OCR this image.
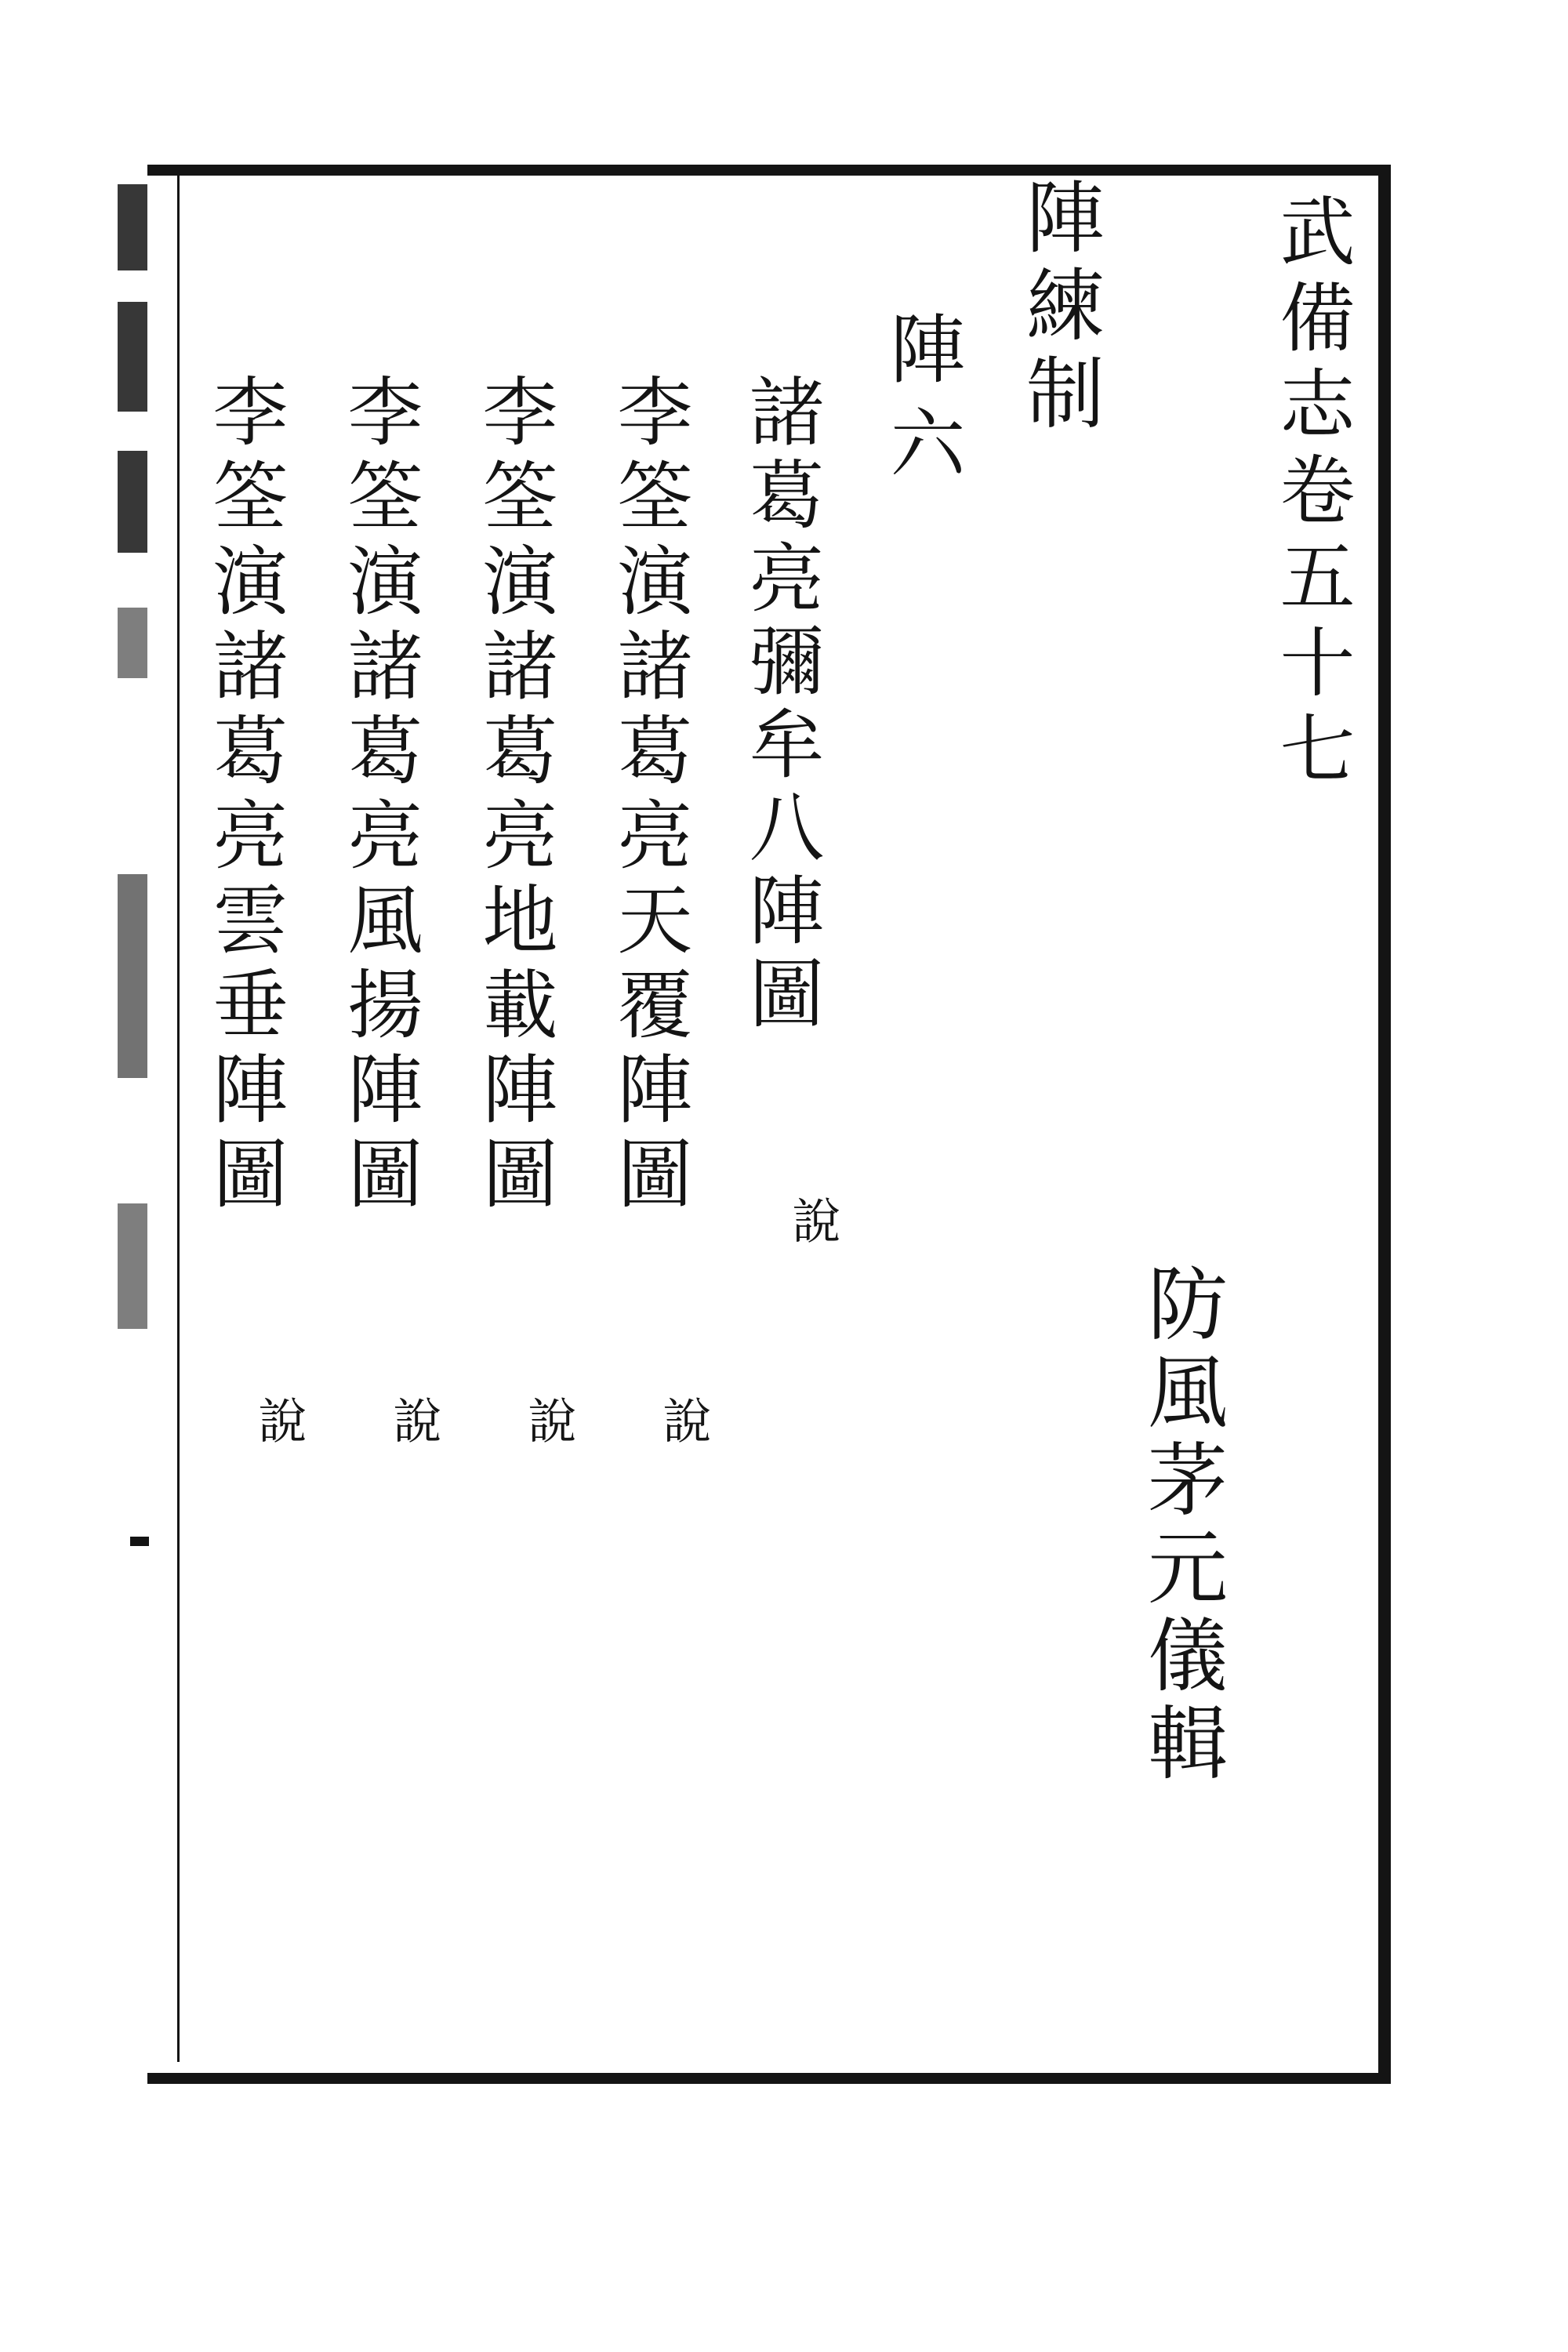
武備志卷五十七
陣練制
陣六
防風茅元儀輯
諸葛亮彌牟八陣圖
說
李筌演諸葛亮天覆陣圖
說
李筌演諸葛亮地載陣圖
說
李筌演諸葛亮風揚陣圖
說
李筌演諸葛亮雲垂陣圖
說
